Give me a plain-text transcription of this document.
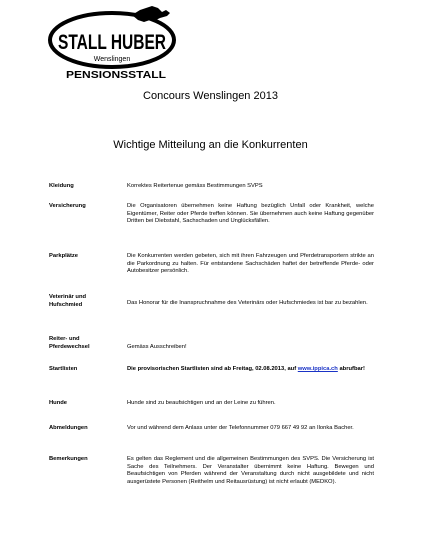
STALL HUBER
Wenslingen
PENSIONSSTALL
Concours Wenslingen 2013
Wichtige Mitteilung an die Konkurrenten
Kleidung	Korrektes Reitertenue gemäss Bestimmungen SVPS
Versicherung	Die Organisatoren übernehmen keine Haftung bezüglich Unfall oder Krankheit, welche Eigentümer, Reiter oder Pferde treffen können. Sie übernehmen auch keine Haftung gegenüber Dritten bei Diebstahl, Sachschaden und Unglücksfällen.
Parkplätze	Die Konkurrenten werden gebeten, sich mit ihren Fahrzeugen und Pferdetransportern strikte an die Parkordnung zu halten. Für entstandene Sachschäden haftet der betreffende Pferde- oder Autobesitzer persönlich.
Veterinär und
Hufschmied	Das Honorar für die Inanspruchnahme des Veterinärs oder Hufschmiedes ist bar zu bezahlen.
Reiter- und
Pferdewechsel	Gemäss Ausschreiben!
Startlisten	Die provisorischen Startlisten sind ab Freitag, 02.08.2013, auf www.ippica.ch abrufbar!
Hunde	Hunde sind zu beaufsichtigen und an der Leine zu führen.
Abmeldungen	Vor und während dem Anlass unter der Telefonnummer 079 667 49 92 an Ilonka Bacher.
Bemerkungen	Es gelten das Reglement und die allgemeinen Bestimmungen des SVPS. Die Versicherung ist Sache des Teilnehmers. Der Veranstalter übernimmt keine Haftung. Bewegen und Beaufsichtigen von Pferden während der Veranstaltung durch nicht ausgebildete und nicht ausgerüstete Personen (Reithelm und Reitausrüstung) ist nicht erlaubt (MEDKO).
